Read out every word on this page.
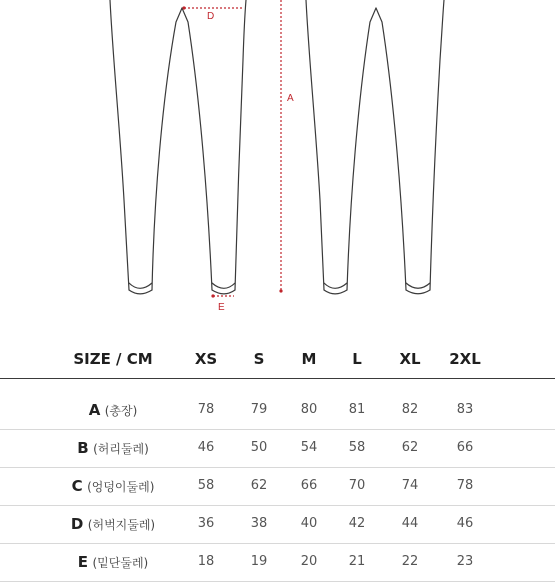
D
A
E
SIZE / CM	XS S M L	XL 2XL
A (총장)	78	79	80 81	82	83
B (허리둘레)	46	50	54 58	62	66
C (엉덩이둘레)	58	62	66 70	74	78
D (허벅지둘레)	36	38	40 42	44	46
E (밑단둘레)	18	19	20 21	22	23
